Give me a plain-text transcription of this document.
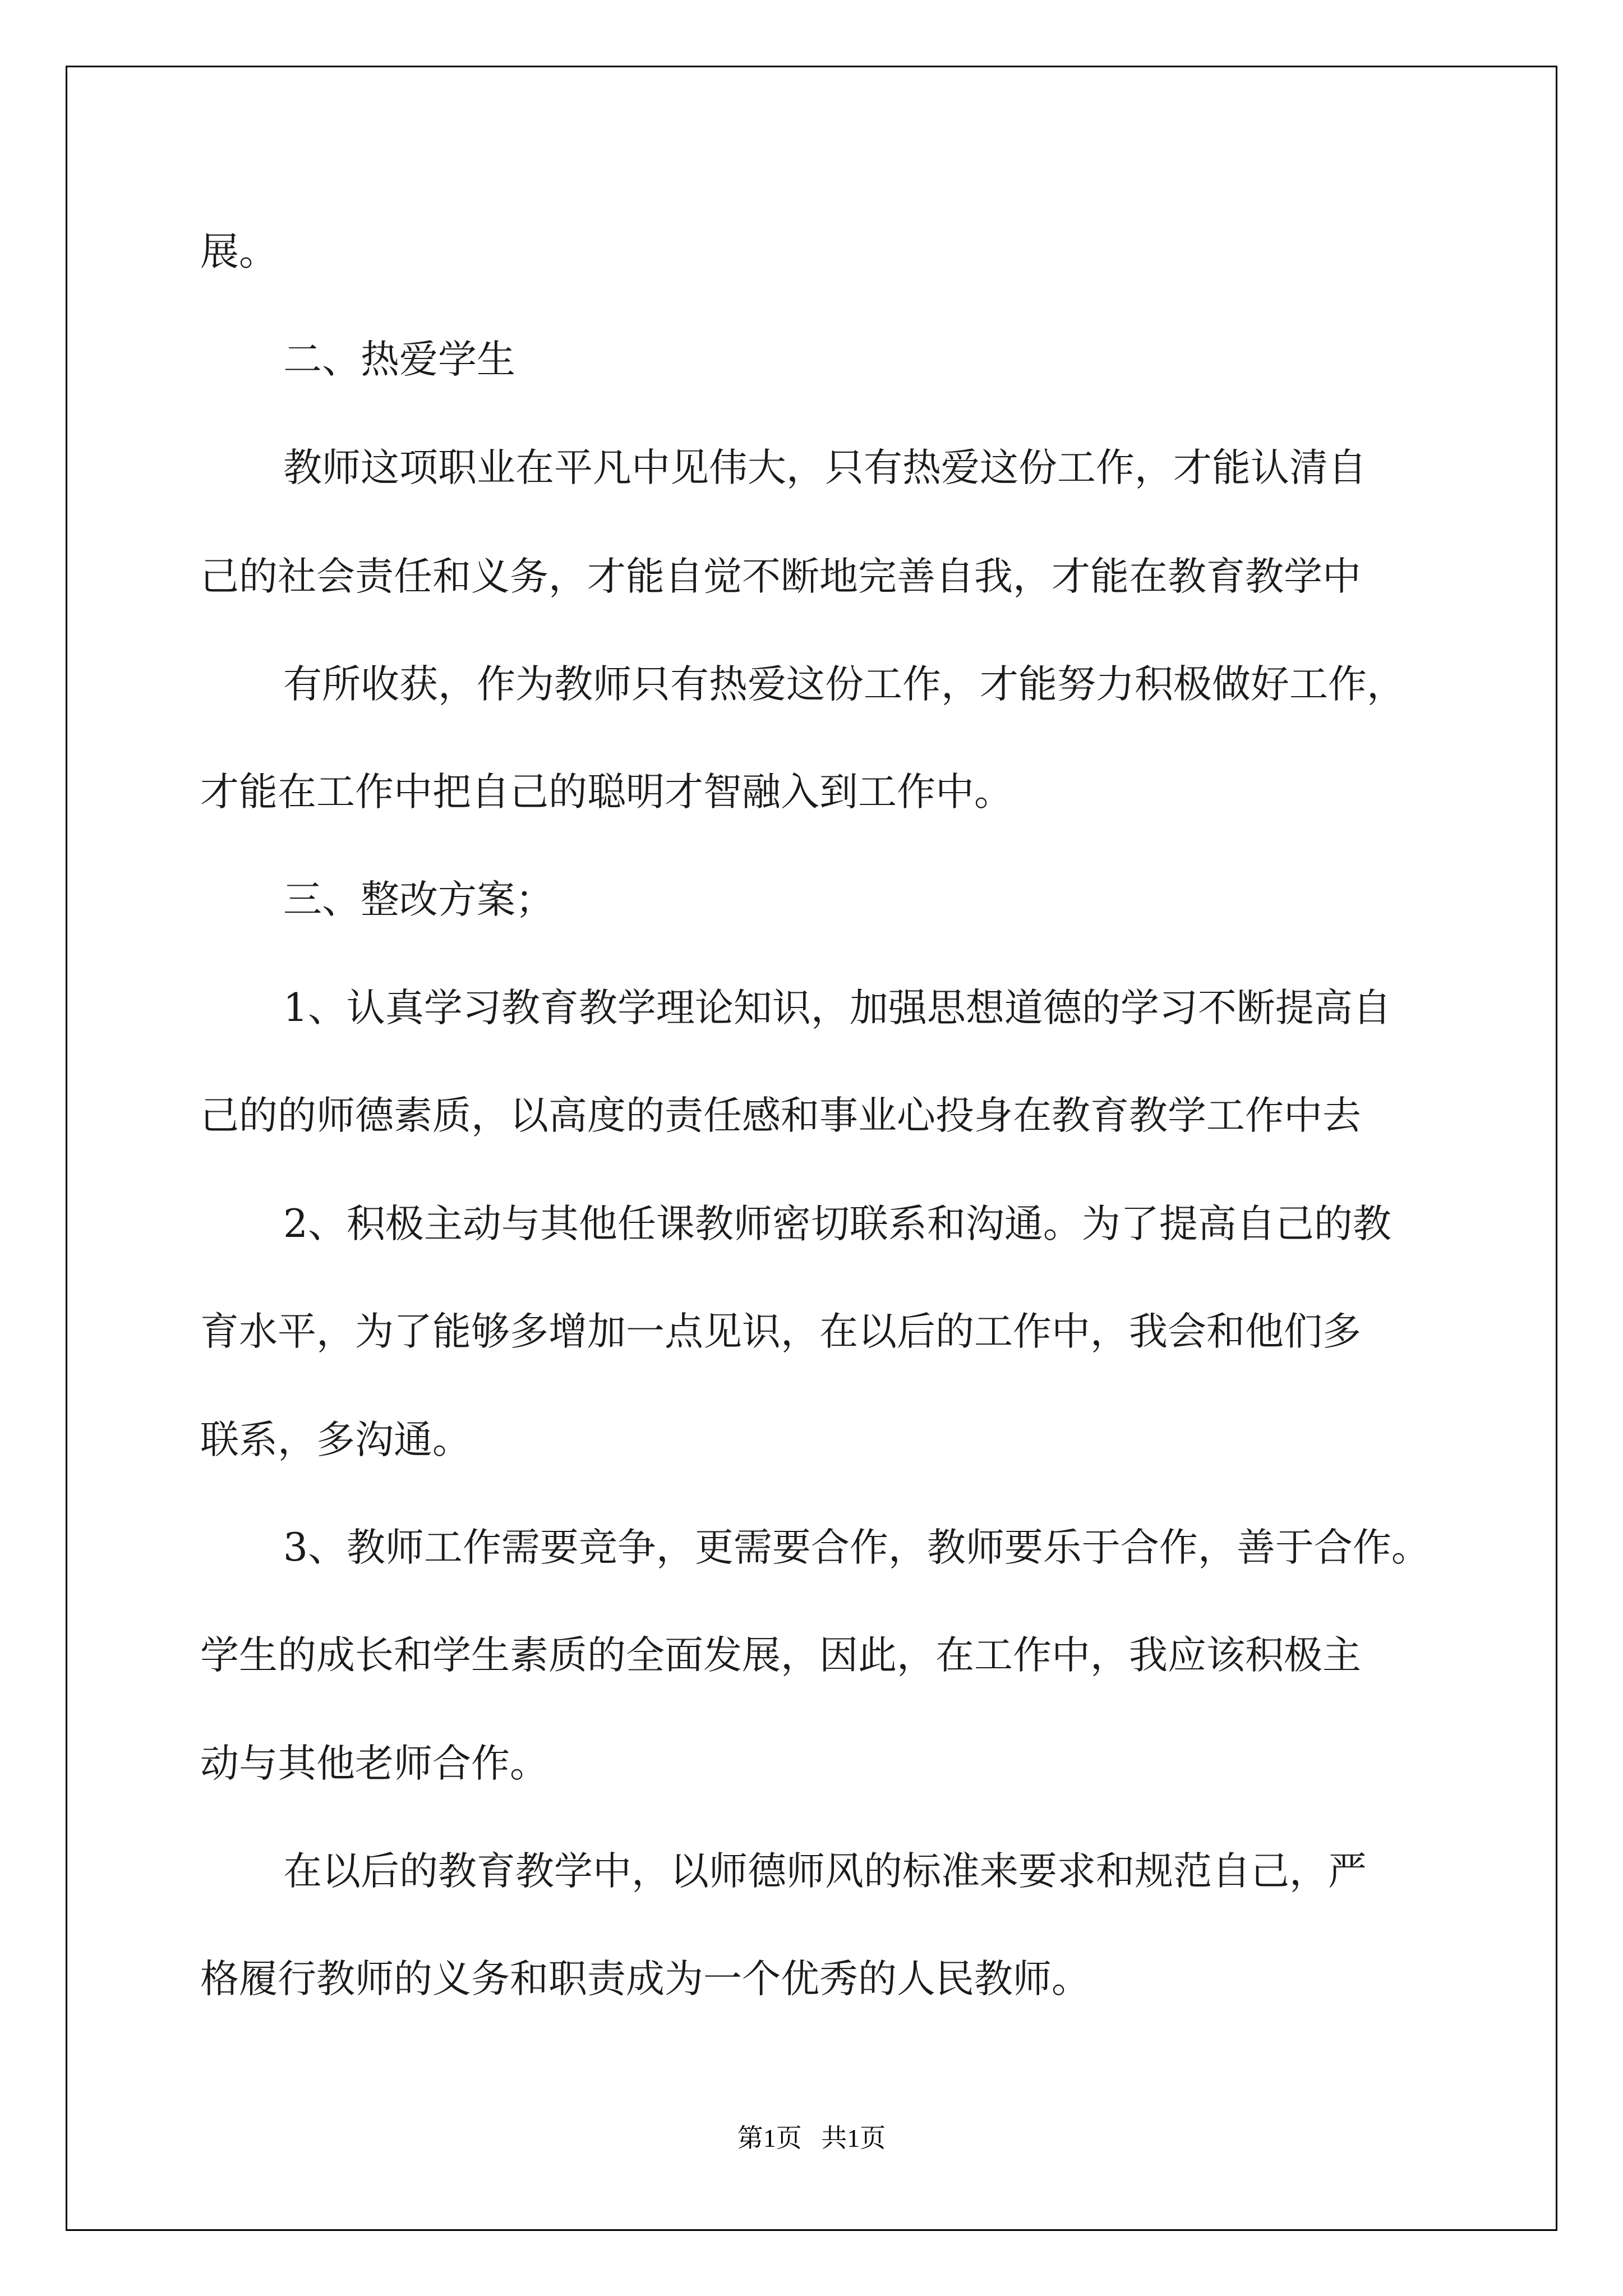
展。

二、热爱学生

教师这项职业在平凡中见伟大，只有热爱这份工作，才能认清自

己的社会责任和义务，才能自觉不断地完善自我，才能在教育教学中

有所收获，作为教师只有热爱这份工作，才能努力积极做好工作，

才能在工作中把自己的聪明才智融入到工作中。

三、整改方案；

1、认真学习教育教学理论知识，加强思想道德的学习不断提高自

己的的师德素质，以高度的责任感和事业心投身在教育教学工作中去

2、积极主动与其他任课教师密切联系和沟通。为了提高自己的教

育水平，为了能够多增加一点见识，在以后的工作中，我会和他们多

联系，多沟通。

3、教师工作需要竞争，更需要合作，教师要乐于合作，善于合作。

学生的成长和学生素质的全面发展，因此，在工作中，我应该积极主

动与其他老师合作。

在以后的教育教学中，以师德师风的标准来要求和规范自己，严

格履行教师的义务和职责成为一个优秀的人民教师。

第1页   共1页
